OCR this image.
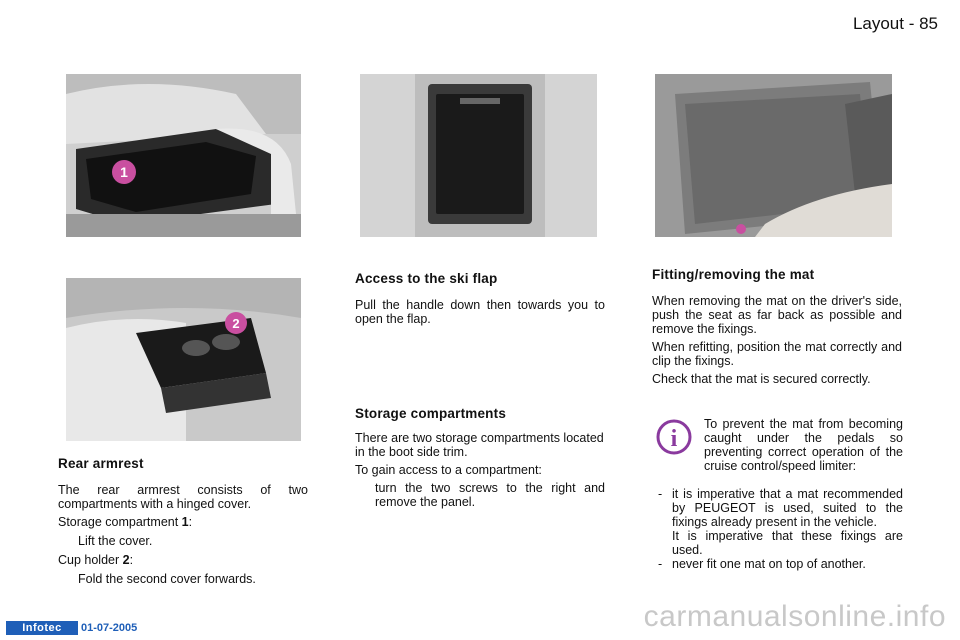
Layout - 85
1
2
Rear armrest

The rear armrest consists of two compartments with a hinged cover.

Storage compartment 1:

Lift the cover.

Cup holder 2:

Fold the second cover forwards.

Access to the ski flap

Pull the handle down then towards you to open the flap.

Storage compartments

There are two storage compartments located in the boot side trim.

To gain access to a compartment:

turn the two screws to the right and remove the panel.

Fitting/removing the mat

When removing the mat on the driver's side, push the seat as far back as possible and remove the fixings.

When refitting, position the mat correctly and clip the fixings.

Check that the mat is secured correctly.

i

To prevent the mat from becoming caught under the pedals so preventing correct operation of the cruise control/speed limiter:

- it is imperative that a mat recommended by PEUGEOT is used, suited to the fixings already present in the vehicle.

It is imperative that these fixings are used.

- never fit one mat on top of another.

Infotec	01-07-2005	carmanualsonline.info
